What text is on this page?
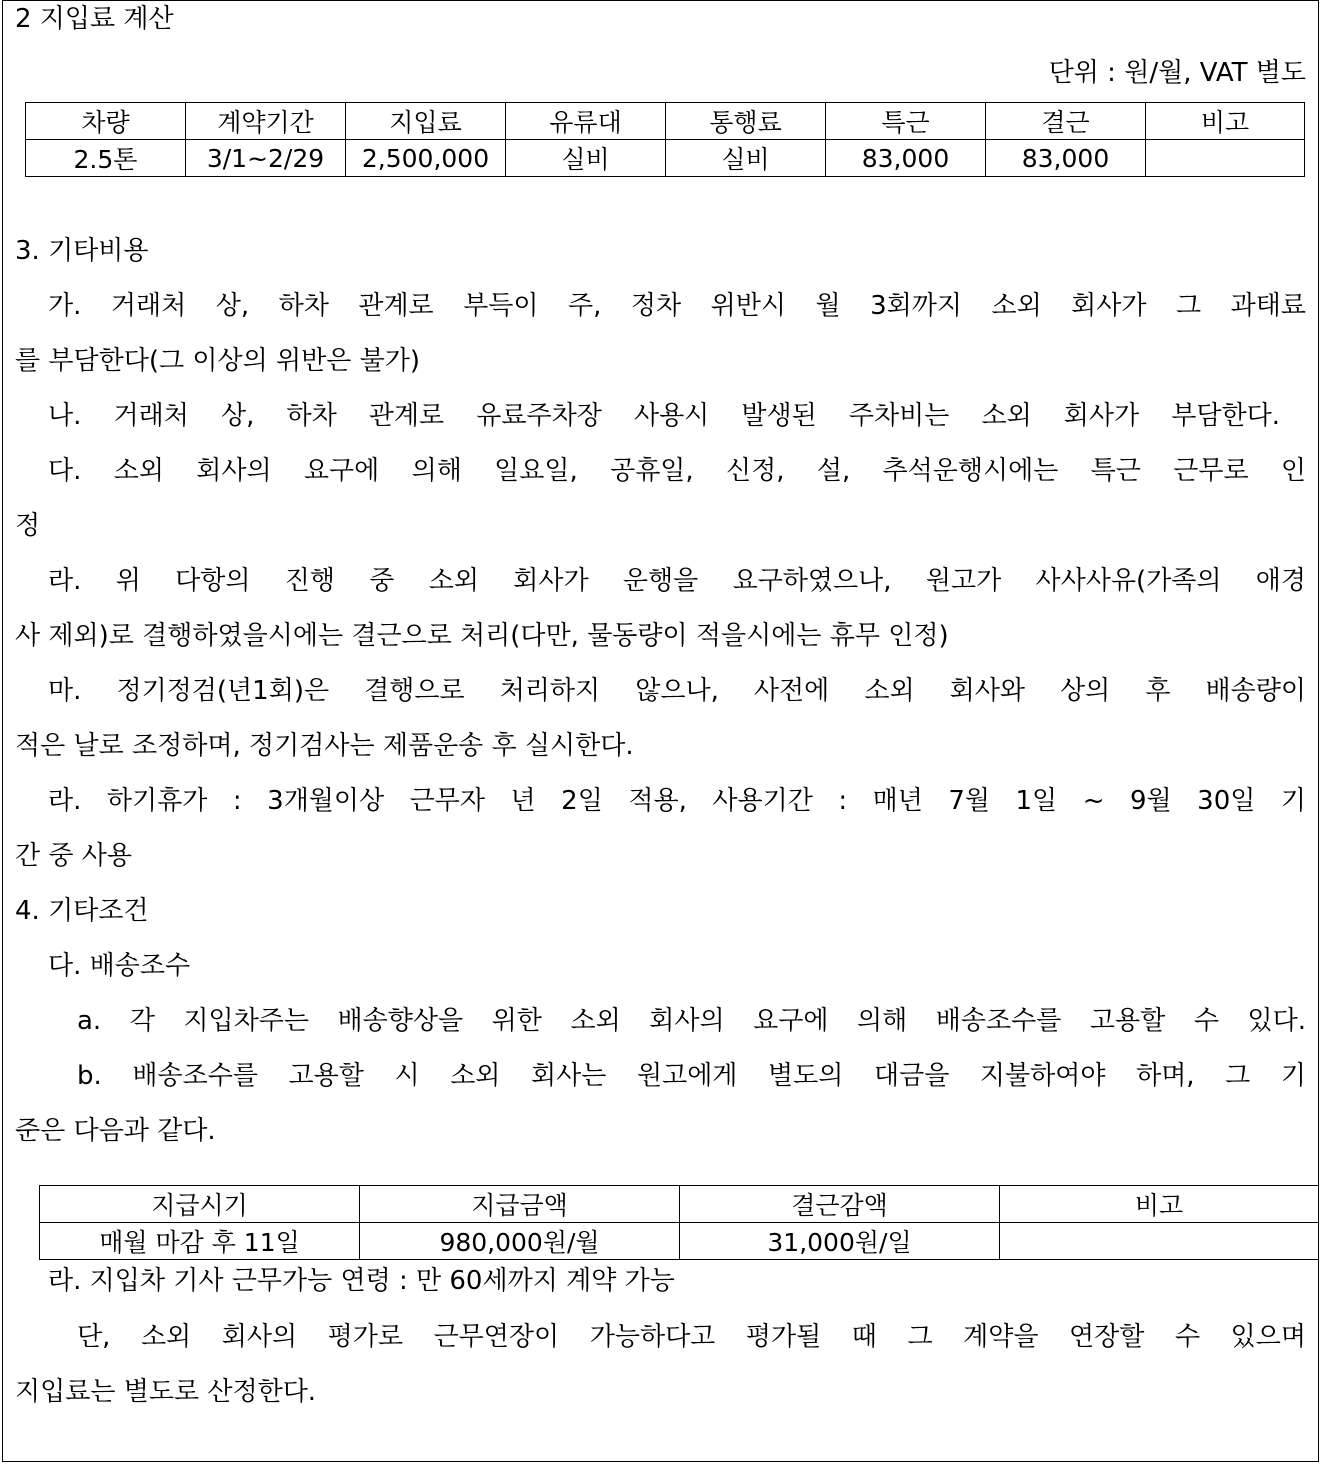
2 지입료 계산
단위 : 원/월, VAT 별도
차량	계약기간	지입료	유류대	통행료	특근	결근	비고
2.5톤	3/1~2/29	2,500,000	실비	실비	83,000	83,000	
3. 기타비용
가. 거래처 상, 하차 관계로 부득이 주, 정차 위반시 월 3회까지 소외 회사가 그 과태료
를 부담한다(그 이상의 위반은 불가)
나. 거래처 상, 하차 관계로 유료주차장 사용시 발생된 주차비는 소외 회사가 부담한다.
다. 소외 회사의 요구에 의해 일요일, 공휴일, 신정, 설, 추석운행시에는 특근 근무로 인
정
라. 위 다항의 진행 중 소외 회사가 운행을 요구하였으나, 원고가 사사사유(가족의 애경
사 제외)로 결행하였을시에는 결근으로 처리(다만, 물동량이 적을시에는 휴무 인정)
마. 정기정검(년1회)은 결행으로 처리하지 않으나, 사전에 소외 회사와 상의 후 배송량이
적은 날로 조정하며, 정기검사는 제품운송 후 실시한다.
라. 하기휴가 : 3개월이상 근무자 년 2일 적용, 사용기간 : 매년 7월 1일 ~ 9월 30일 기
간 중 사용
4. 기타조건
다. 배송조수
a. 각 지입차주는 배송향상을 위한 소외 회사의 요구에 의해 배송조수를 고용할 수 있다.
b. 배송조수를 고용할 시 소외 회사는 원고에게 별도의 대금을 지불하여야 하며, 그 기
준은 다음과 같다.
지급시기	지급금액	결근감액	비고
매월 마감 후 11일	980,000원/월	31,000원/일	
라. 지입차 기사 근무가능 연령 : 만 60세까지 계약 가능
단, 소외 회사의 평가로 근무연장이 가능하다고 평가될 때 그 계약을 연장할 수 있으며
지입료는 별도로 산정한다.
